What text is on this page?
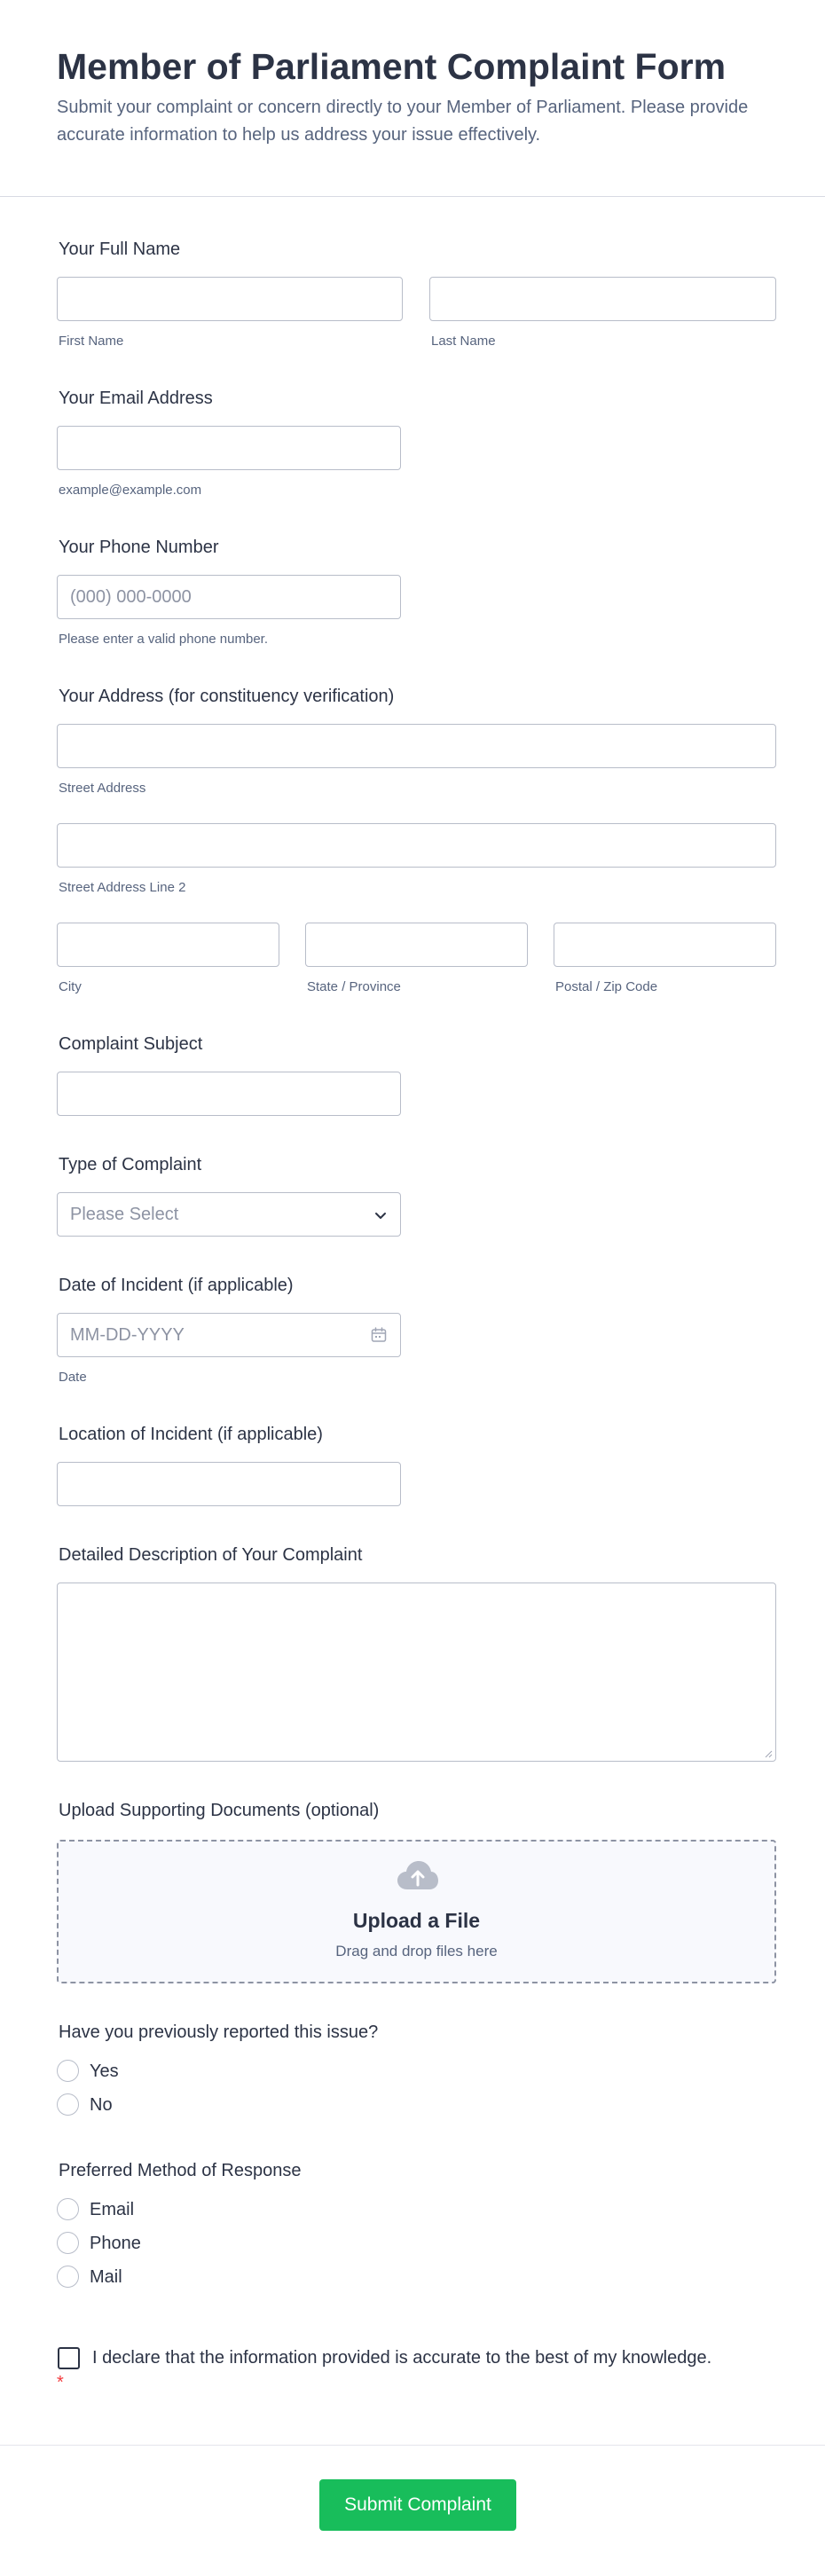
Member of Parliament Complaint Form
Submit your complaint or concern directly to your Member of Parliament. Please provide accurate information to help us address your issue effectively.
Your Full Name
First Name	Last Name
Your Email Address
example@example.com
Your Phone Number
(000) 000-0000
Please enter a valid phone number.
Your Address (for constituency verification)
Street Address
Street Address Line 2
City	State / Province	Postal / Zip Code
Complaint Subject
Type of Complaint
Please Select
Date of Incident (if applicable)
MM-DD-YYYY
Date
Location of Incident (if applicable)
Detailed Description of Your Complaint
Upload Supporting Documents (optional)
Upload a File
Drag and drop files here
Have you previously reported this issue?
Yes
No
Preferred Method of Response
Email
Phone
Mail
I declare that the information provided is accurate to the best of my knowledge. *
Submit Complaint
